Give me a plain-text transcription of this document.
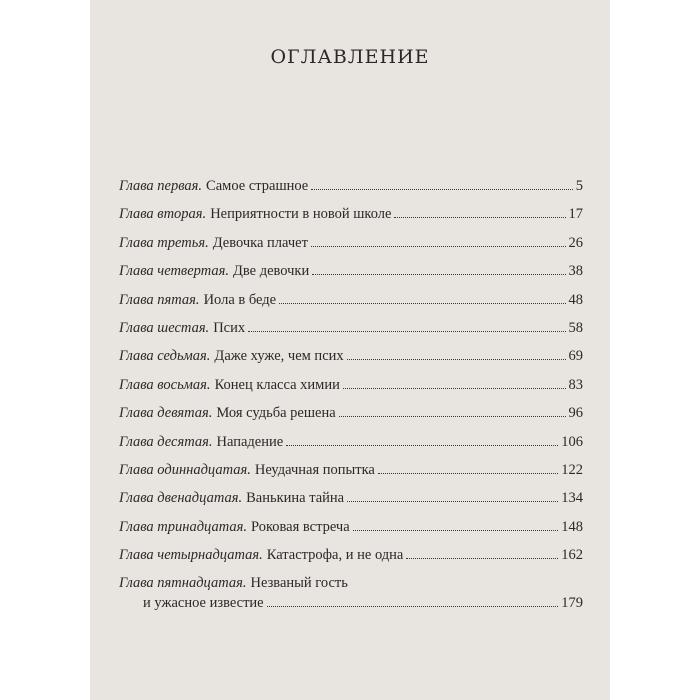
ОГЛАВЛЕНИЕ
Глава первая. Самое страшное	5
Глава вторая. Неприятности в новой школе	17
Глава третья. Девочка плачет	26
Глава четвертая. Две девочки	38
Глава пятая. Иола в беде	48
Глава шестая. Псих	58
Глава седьмая. Даже хуже, чем псих	69
Глава восьмая. Конец класса химии	83
Глава девятая. Моя судьба решена	96
Глава десятая. Нападение	106
Глава одиннадцатая. Неудачная попытка	122
Глава двенадцатая. Ванькина тайна	134
Глава тринадцатая. Роковая встреча	148
Глава четырнадцатая. Катастрофа, и не одна	162
Глава пятнадцатая. Незваный гость
и ужасное известие	179
